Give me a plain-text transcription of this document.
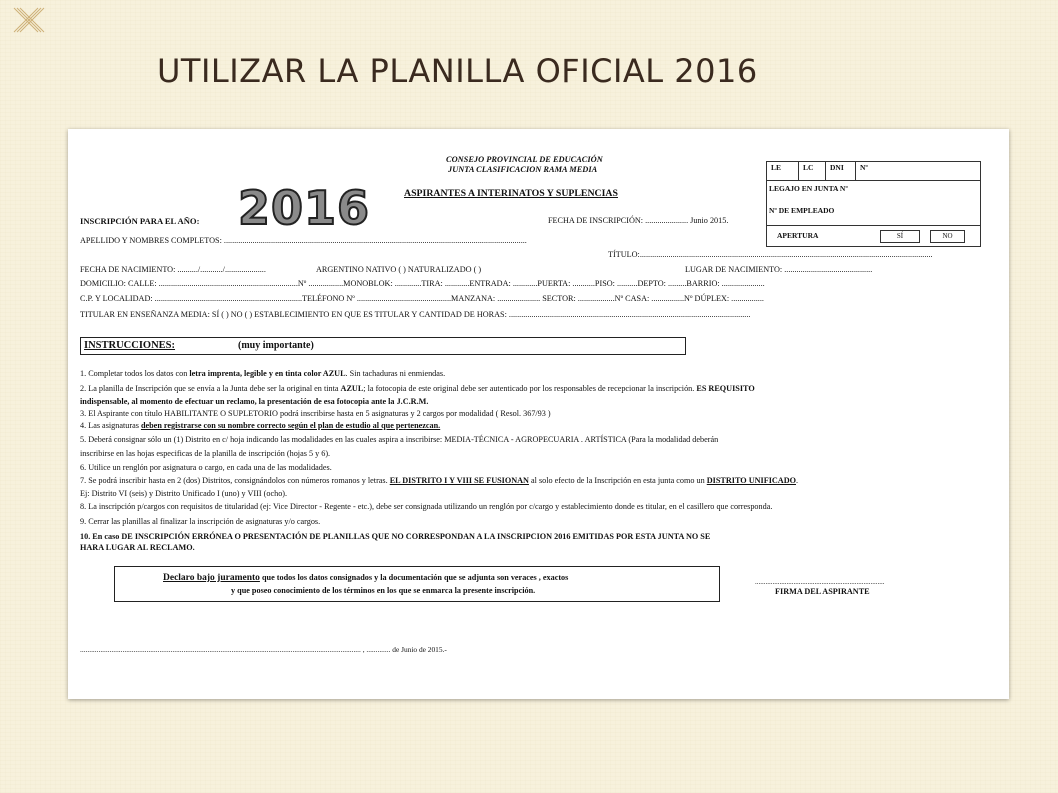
UTILIZAR LA PLANILLA OFICIAL 2016
CONSEJO PROVINCIAL DE EDUCACIÓN
JUNTA CLASIFICACION RAMA MEDIA
ASPIRANTES A INTERINATOS Y SUPLENCIAS
2016
LE	LC	DNI	Nº
LEGAJO EN JUNTA Nº
Nº DE EMPLEADO
APERTURA	SÍ	NO
INSCRIPCIÓN PARA EL AÑO:	FECHA DE INSCRIPCIÓN: ..................... Junio 2015.
APELLIDO Y NOMBRES COMPLETOS: ....................................................................................................................................................
TÍTULO:...............................................................................................................................................
FECHA DE NACIMIENTO: ........../.........../....................	ARGENTINO NATIVO ( ) NATURALIZADO ( )	LUGAR DE NACIMIENTO: ...........................................
DOMICILIO: CALLE: ....................................................................Nº .................MONOBLOK: .............TIRA: ............ENTRADA: ............PUERTA: ...........PISO: ..........DEPTO: .........BARRIO: .....................
C.P. Y LOCALIDAD: ........................................................................TELÉFONO Nº ..............................................MANZANA: ..................... SECTOR: ..................Nº CASA: ................Nº DÚPLEX: ................
TITULAR EN ENSEÑANZA MEDIA: SÍ ( ) NO ( ) ESTABLECIMIENTO EN QUE ES TITULAR Y CANTIDAD DE HORAS: ......................................................................................................................
INSTRUCCIONES:	(muy importante)
1. Completar todos los datos con letra imprenta, legible y en tinta color AZUL. Sin tachaduras ni enmiendas.
2. La planilla de Inscripción que se envía a la Junta debe ser la original en tinta AZUL; la fotocopia de este original debe ser autenticado por los responsables de recepcionar la inscripción. ES REQUISITO
indispensable, al momento de efectuar un reclamo, la presentación de esa fotocopia ante la J.C.R.M.
3. El Aspirante con título HABILITANTE O SUPLETORIO podrá inscribirse hasta en 5 asignaturas y 2 cargos por modalidad ( Resol. 367/93 )
4. Las asignaturas deben registrarse con su nombre correcto según el plan de estudio al que pertenezcan.
5. Deberá consignar sólo un (1) Distrito en c/ hoja indicando las modalidades en las cuales aspira a inscribirse: MEDIA-TÉCNICA - AGROPECUARIA . ARTÍSTICA (Para la modalidad deberán
inscribirse en las hojas especificas de la planilla de inscripción (hojas 5 y 6).
6. Utilice un renglón por asignatura o cargo, en cada una de las modalidades.
7. Se podrá inscribir hasta en 2 (dos) Distritos, consignándolos con números romanos y letras. EL DISTRITO I Y VIII SE FUSIONAN al solo efecto de la Inscripción en esta junta como un DISTRITO UNIFICADO.
Ej: Distrito VI (seis) y Distrito Unificado I (uno) y VIII (ocho).
8. La inscripción p/cargos con requisitos de titularidad (ej: Vice Director - Regente - etc.), debe ser consignada utilizando un renglón por c/cargo y establecimiento donde es titular, en el casillero que corresponda.
9. Cerrar las planillas al finalizar la inscripción de asignaturas y/o cargos.
10. En caso DE INSCRIPCIÓN ERRÓNEA O PRESENTACIÓN DE PLANILLAS QUE NO CORRESPONDAN A LA INSCRIPCION 2016 EMITIDAS POR ESTA JUNTA NO SE
HARA LUGAR AL RECLAMO.
Declaro bajo juramento que todos los datos consignados y la documentación que se adjunta son veraces , exactos
y que poseo conocimiento de los términos en los que se enmarca la presente inscripción.
..........................................................................
FIRMA DEL ASPIRANTE
........................................................................................................................................................ , ............. de Junio de 2015.-
